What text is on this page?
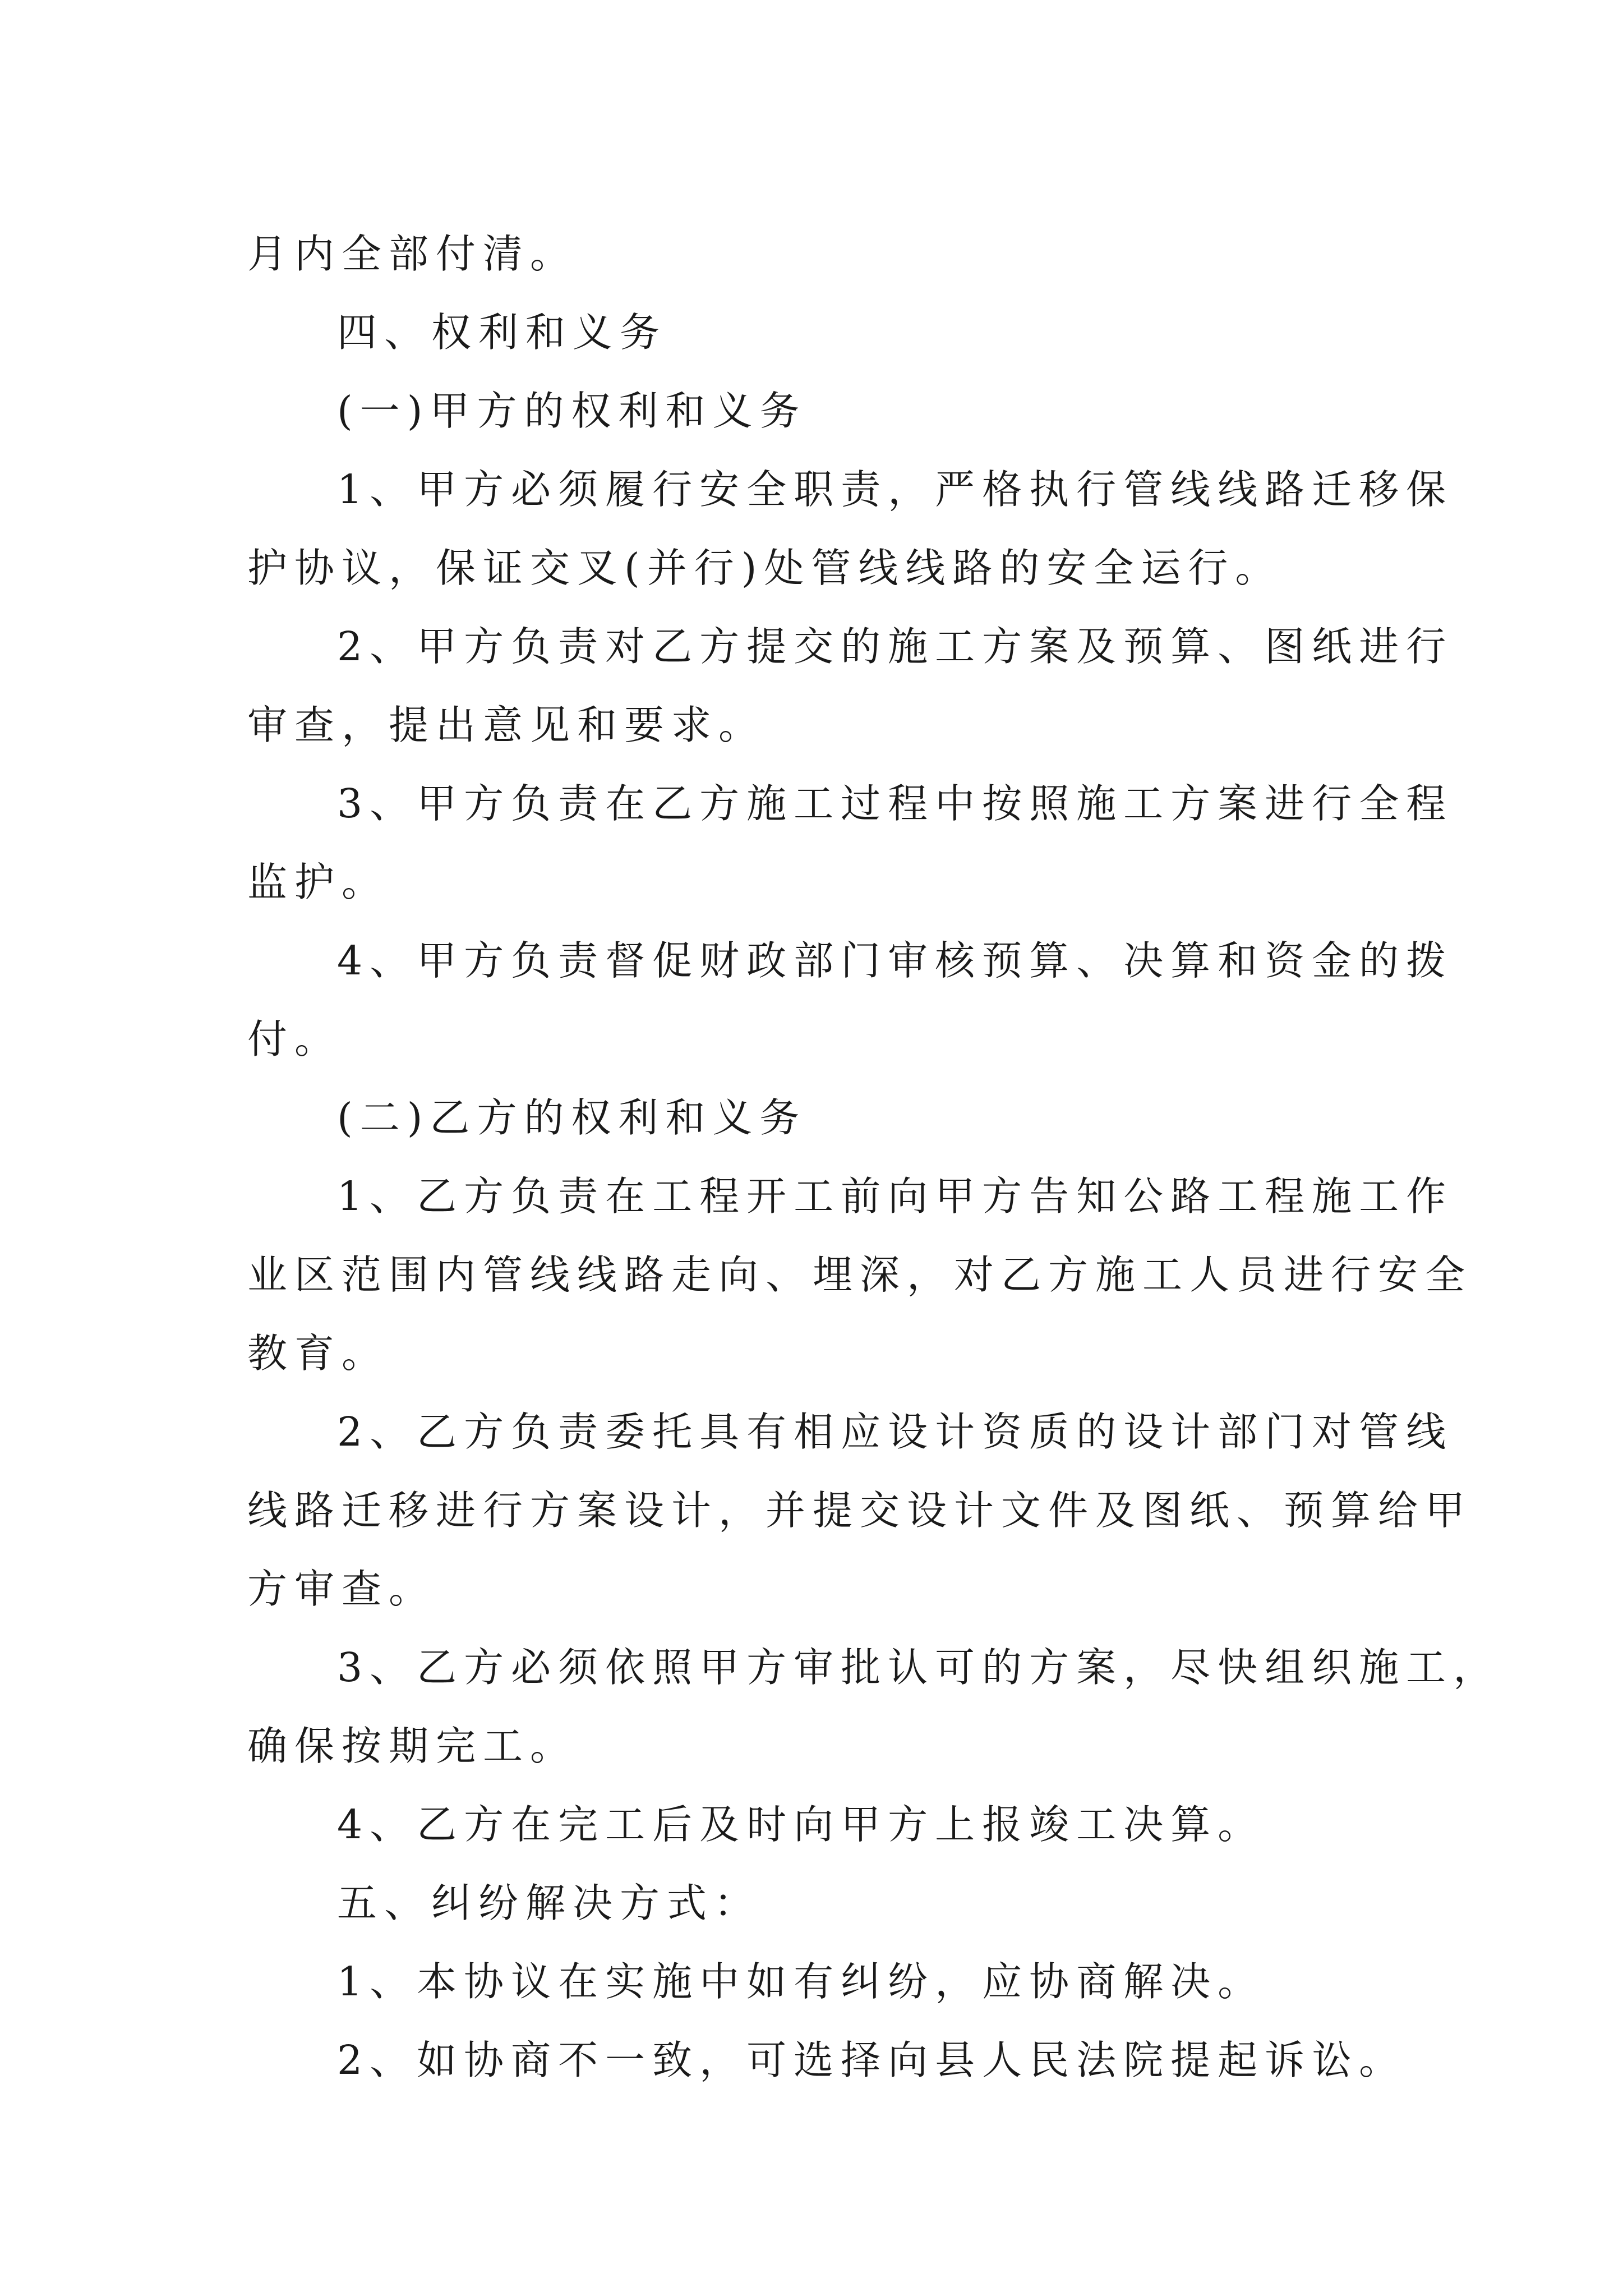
月内全部付清。
四、权利和义务
(一)甲方的权利和义务
1、甲方必须履行安全职责，严格执行管线线路迁移保
护协议，保证交叉(并行)处管线线路的安全运行。
2、甲方负责对乙方提交的施工方案及预算、图纸进行
审查，提出意见和要求。
3、甲方负责在乙方施工过程中按照施工方案进行全程
监护。
4、甲方负责督促财政部门审核预算、决算和资金的拨
付。
(二)乙方的权利和义务
1、乙方负责在工程开工前向甲方告知公路工程施工作
业区范围内管线线路走向、埋深，对乙方施工人员进行安全
教育。
2、乙方负责委托具有相应设计资质的设计部门对管线
线路迁移进行方案设计，并提交设计文件及图纸、预算给甲
方审查。
3、乙方必须依照甲方审批认可的方案，尽快组织施工，
确保按期完工。
4、乙方在完工后及时向甲方上报竣工决算。
五、纠纷解决方式：
1、本协议在实施中如有纠纷，应协商解决。
2、如协商不一致，可选择向县人民法院提起诉讼。
